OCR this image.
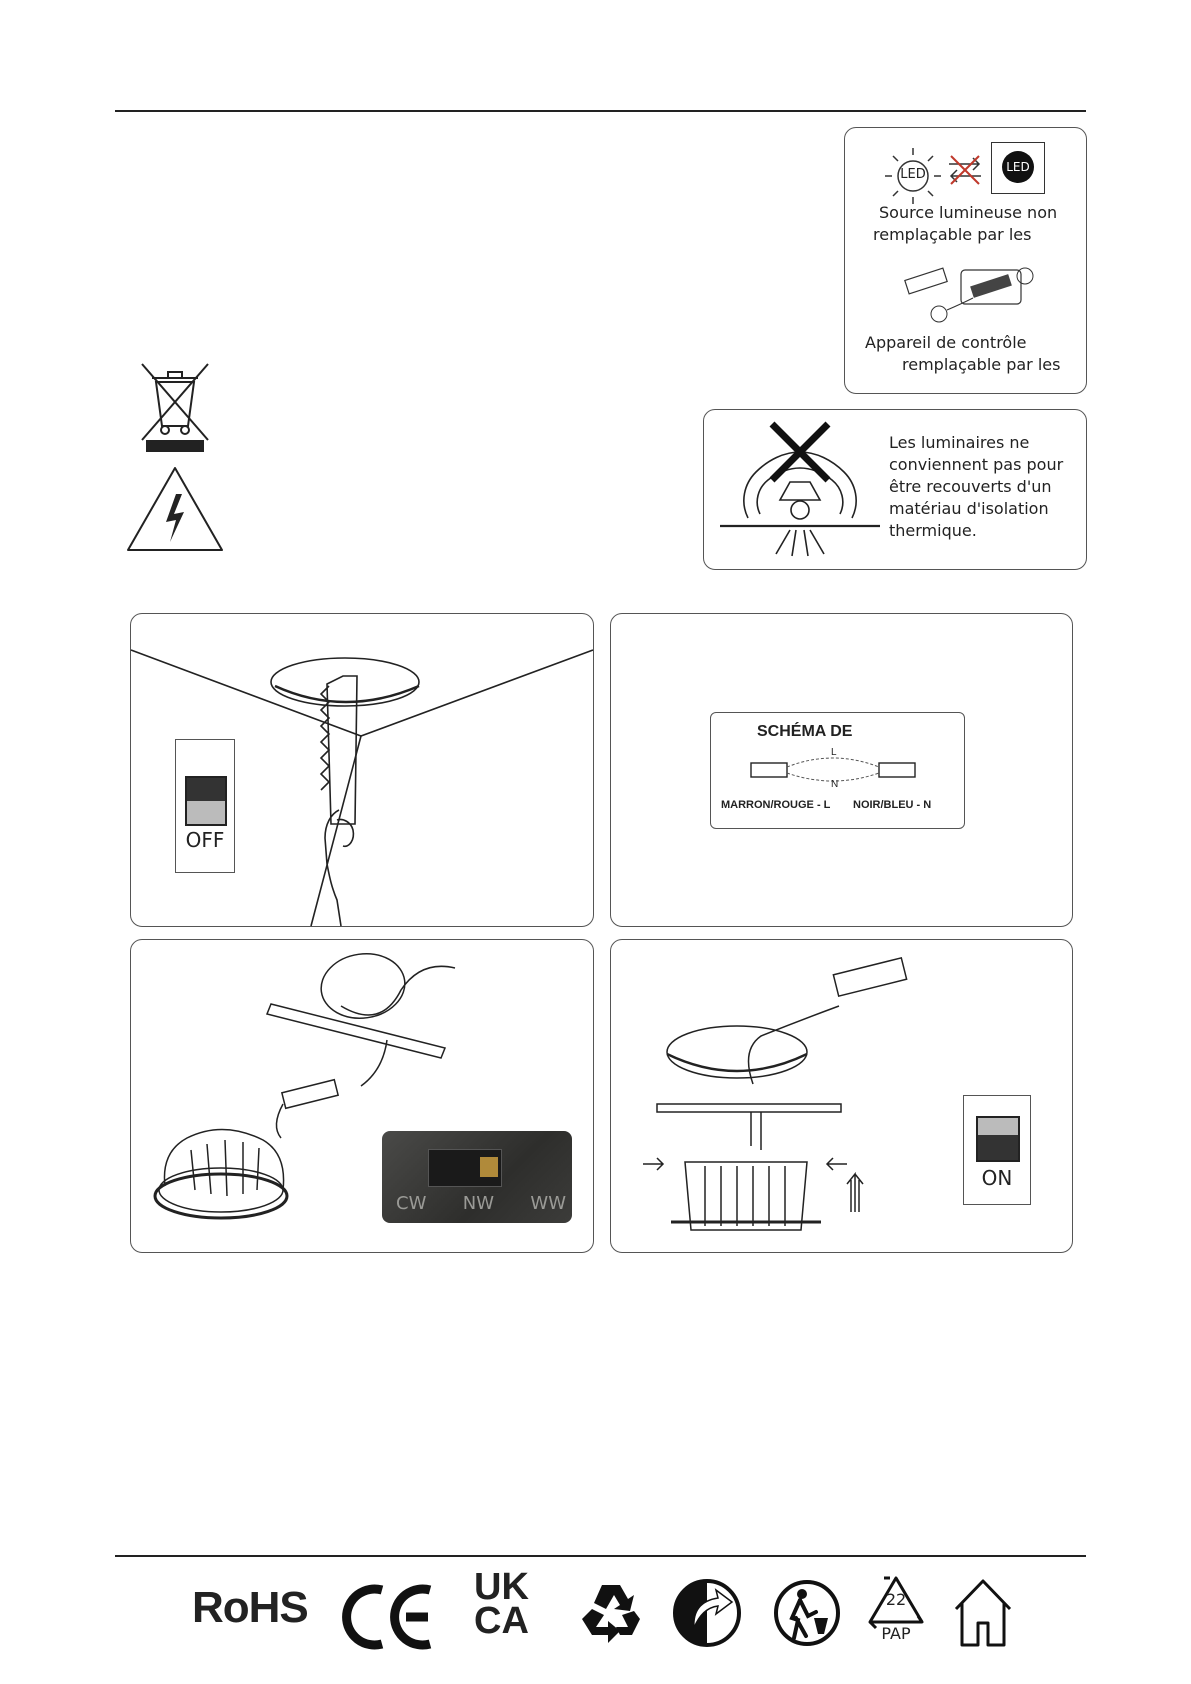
LED	LED
Source lumineuse non
remplaçable par les
Appareil de contrôle
remplaçable par les
Les luminaires ne
conviennent pas pour
être recouverts d'un
matériau d'isolation
thermique.
OFF
SCHÉMA DE
L
N
MARRON/ROUGE - L NOIR/BLEU - N
CW NW WW
ON
RoHS	UK
CA
22
PAP
